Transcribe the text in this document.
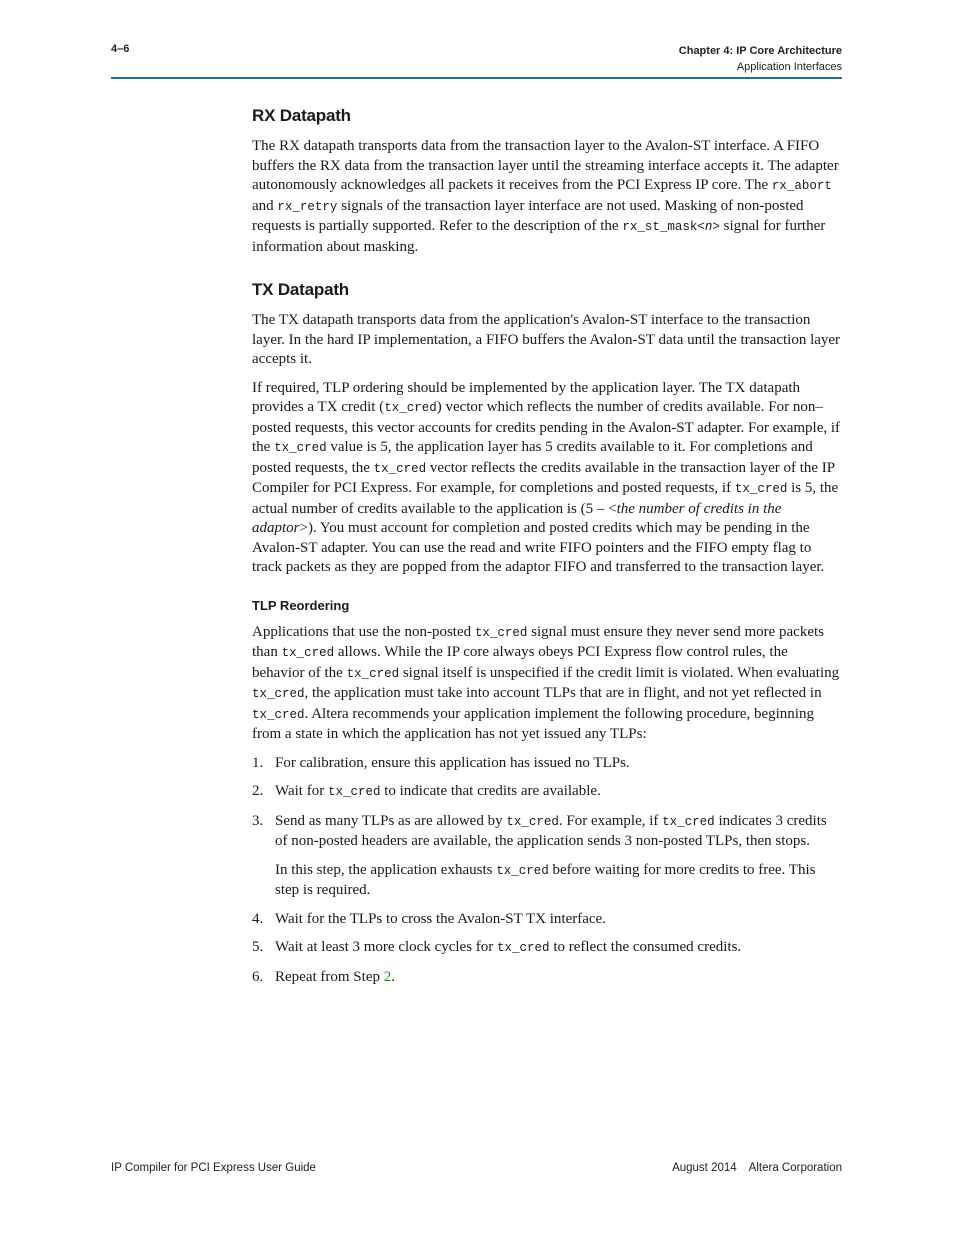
4–6	Chapter 4: IP Core Architecture
Application Interfaces
RX Datapath

The RX datapath transports data from the transaction layer to the Avalon-ST interface. A FIFO buffers the RX data from the transaction layer until the streaming interface accepts it. The adapter autonomously acknowledges all packets it receives from the PCI Express IP core. The rx_abort and rx_retry signals of the transaction layer interface are not used. Masking of non-posted requests is partially supported. Refer to the description of the rx_st_mask<n> signal for further information about masking.

TX Datapath

The TX datapath transports data from the application's Avalon-ST interface to the transaction layer. In the hard IP implementation, a FIFO buffers the Avalon-ST data until the transaction layer accepts it.

If required, TLP ordering should be implemented by the application layer. The TX datapath provides a TX credit (tx_cred) vector which reflects the number of credits available. For non–posted requests, this vector accounts for credits pending in the Avalon-ST adapter. For example, if the tx_cred value is 5, the application layer has 5 credits available to it. For completions and posted requests, the tx_cred vector reflects the credits available in the transaction layer of the IP Compiler for PCI Express. For example, for completions and posted requests, if tx_cred is 5, the actual number of credits available to the application is (5 – <the number of credits in the adaptor>). You must account for completion and posted credits which may be pending in the Avalon-ST adapter. You can use the read and write FIFO pointers and the FIFO empty flag to track packets as they are popped from the adaptor FIFO and transferred to the transaction layer.

TLP Reordering

Applications that use the non-posted tx_cred signal must ensure they never send more packets than tx_cred allows. While the IP core always obeys PCI Express flow control rules, the behavior of the tx_cred signal itself is unspecified if the credit limit is violated. When evaluating tx_cred, the application must take into account TLPs that are in flight, and not yet reflected in tx_cred. Altera recommends your application implement the following procedure, beginning from a state in which the application has not yet issued any TLPs:

1. For calibration, ensure this application has issued no TLPs.
2. Wait for tx_cred to indicate that credits are available.
3. Send as many TLPs as are allowed by tx_cred. For example, if tx_cred indicates 3 credits of non-posted headers are available, the application sends 3 non-posted TLPs, then stops.

In this step, the application exhausts tx_cred before waiting for more credits to free. This step is required.

4. Wait for the TLPs to cross the Avalon-ST TX interface.
5. Wait at least 3 more clock cycles for tx_cred to reflect the consumed credits.
6. Repeat from Step 2.
IP Compiler for PCI Express User Guide	August 2014 Altera Corporation
